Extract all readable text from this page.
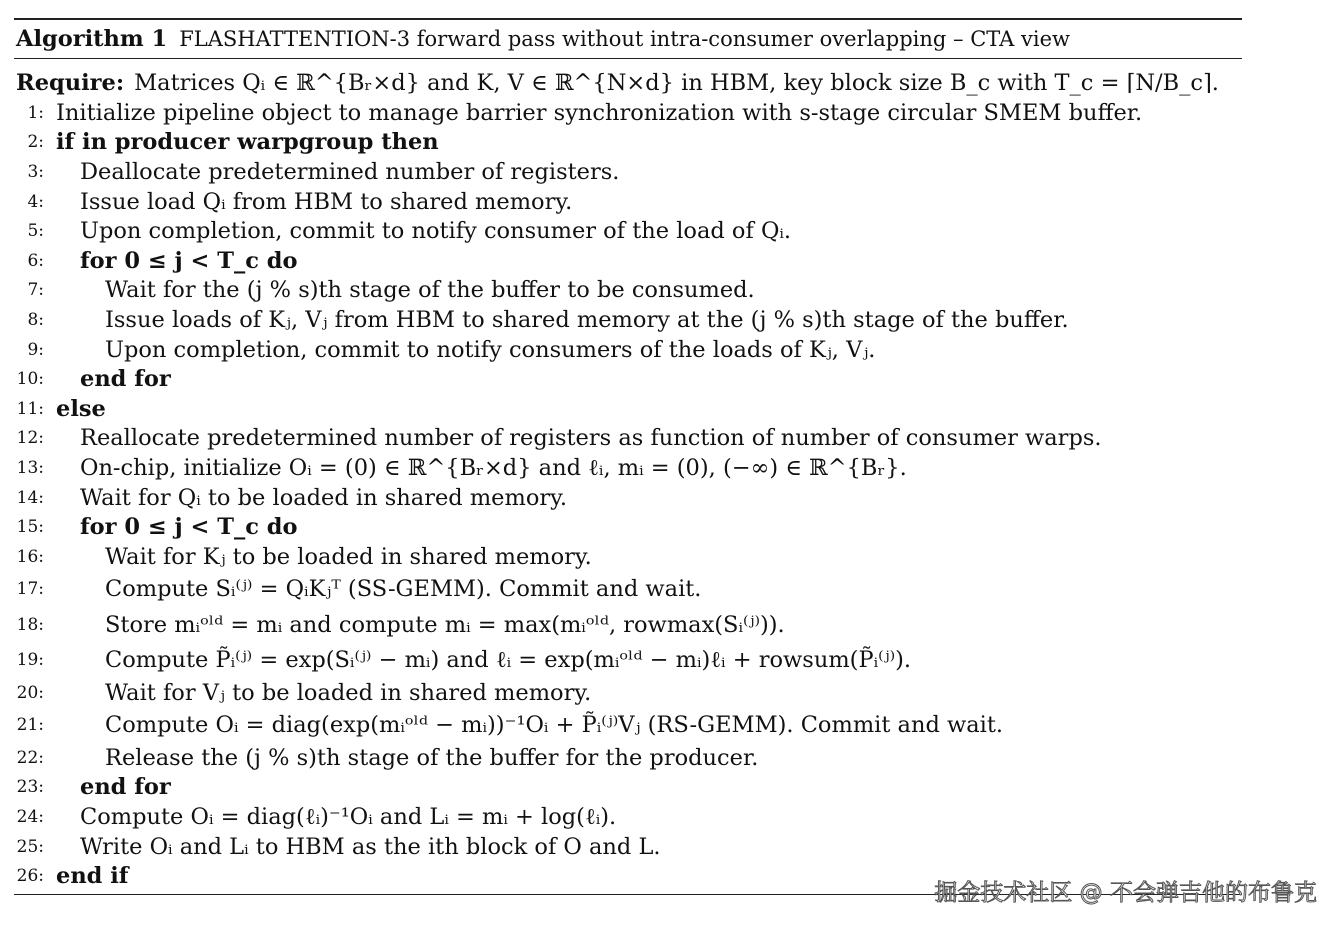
Algorithm 1 FLASHATTENTION-3 forward pass without intra-consumer overlapping – CTA view
Require: Matrices Qᵢ ∈ ℝ^{Bᵣ×d} and K, V ∈ ℝ^{N×d} in HBM, key block size B_c with T_c = ⌈N/B_c⌉.
1: Initialize pipeline object to manage barrier synchronization with s-stage circular SMEM buffer.
2: if in producer warpgroup then
3: Deallocate predetermined number of registers.
4: Issue load Qᵢ from HBM to shared memory.
5: Upon completion, commit to notify consumer of the load of Qᵢ.
6: for 0 ≤ j < T_c do
7:	Wait for the (j % s)th stage of the buffer to be consumed.
8:	Issue loads of Kⱼ, Vⱼ from HBM to shared memory at the (j % s)th stage of the buffer.
9:	Upon completion, commit to notify consumers of the loads of Kⱼ, Vⱼ.
10: end for
11: else
12: Reallocate predetermined number of registers as function of number of consumer warps.
13: On-chip, initialize Oᵢ = (0) ∈ ℝ^{Bᵣ×d} and ℓᵢ, mᵢ = (0), (−∞) ∈ ℝ^{Bᵣ}.
14: Wait for Qᵢ to be loaded in shared memory.
15: for 0 ≤ j < T_c do
16:	Wait for Kⱼ to be loaded in shared memory.
17:	Compute Sᵢ⁽ʲ⁾ = QᵢKⱼᵀ (SS-GEMM). Commit and wait.
18:	Store mᵢᵒˡᵈ = mᵢ and compute mᵢ = max(mᵢᵒˡᵈ, rowmax(Sᵢ⁽ʲ⁾)).
19:	Compute P̃ᵢ⁽ʲ⁾ = exp(Sᵢ⁽ʲ⁾ − mᵢ) and ℓᵢ = exp(mᵢᵒˡᵈ − mᵢ)ℓᵢ + rowsum(P̃ᵢ⁽ʲ⁾).
20:	Wait for Vⱼ to be loaded in shared memory.
21:	Compute Oᵢ = diag(exp(mᵢᵒˡᵈ − mᵢ))⁻¹Oᵢ + P̃ᵢ⁽ʲ⁾Vⱼ (RS-GEMM). Commit and wait.
22:	Release the (j % s)th stage of the buffer for the producer.
23: end for
24: Compute Oᵢ = diag(ℓᵢ)⁻¹Oᵢ and Lᵢ = mᵢ + log(ℓᵢ).
25: Write Oᵢ and Lᵢ to HBM as the ith block of O and L.
26: end if
掘金技术社区 @ 不会弹吉他的布鲁克
